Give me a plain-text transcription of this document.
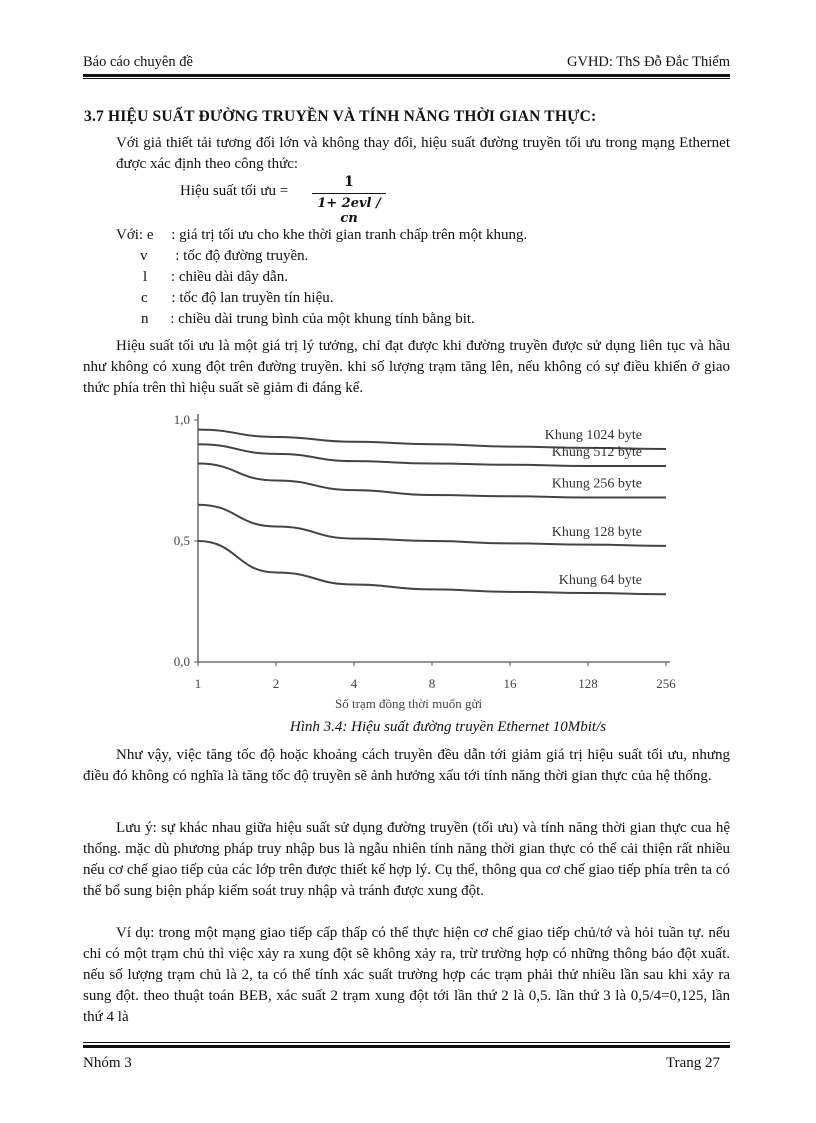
Báo cáo chuyên đề	GVHD: ThS Đỗ Đắc Thiểm
3.7 HIỆU SUẤT ĐƯỜNG TRUYỀN VÀ TÍNH NĂNG THỜI GIAN THỰC:
Với giả thiết tải tương đối lớn và không thay đổi, hiệu suất đường truyền tối ưu trong mạng Ethernet được xác định theo công thức:
Hiệu suất tối ưu =
1
1+ 2evl / cn
Với: e : giá trị tối ưu cho khe thời gian tranh chấp trên một khung.
v : tốc độ đường truyền.
l : chiều dài dây dẫn.
c : tốc độ lan truyền tín hiệu.
n : chiều dài trung bình của một khung tính bằng bit.
Hiệu suất tối ưu là một giá trị lý tưởng, chỉ đạt được khi đường truyền được sử dụng liên tục và hầu như không có xung đột trên đường truyền. khi số lượng trạm tăng lên, nếu không có sự điều khiển ở giao thức phía trên thì hiệu suất sẽ giảm đi đáng kể.
1,0
0,5
0,0
1	2	4	8	16	128	256
Số trạm đồng thời muốn gửi
Khung 1024 byte
Khung 512 byte
Khung 256 byte
Khung 128 byte
Khung 64 byte
Hình 3.4: Hiệu suất đường truyền Ethernet 10Mbit/s
Như vậy, việc tăng tốc độ hoặc khoảng cách truyền đều dẫn tới giảm giá trị hiệu suất tối ưu, nhưng điều đó không có nghĩa là tăng tốc độ truyền sẽ ảnh hưởng xấu tới tính năng thời gian thực của hệ thống.
Lưu ý: sự khác nhau giữa hiệu suất sử dụng đường truyền (tối ưu) và tính năng thời gian thực cua hệ thống. mặc dù phương pháp truy nhập bus là ngẫu nhiên tính năng thời gian thực có thể cải thiện rất nhiều nếu cơ chế giao tiếp của các lớp trên được thiết kế hợp lý. Cụ thể, thông qua cơ chế giao tiếp phía trên ta có thể bổ sung biện pháp kiểm soát truy nhập và tránh được xung đột.
Ví dụ: trong một mạng giao tiếp cấp thấp có thể thực hiện cơ chế giao tiếp chủ/tớ và hỏi tuần tự. nếu chỉ có một trạm chủ thì việc xảy ra xung đột sẽ không xảy ra, trừ trường hợp có những thông báo đột xuất. nếu số lượng trạm chủ là 2, ta có thể tính xác suất trường hợp các trạm phải thử nhiều lần sau khi xảy ra sung đột. theo thuật toán BEB, xác suất 2 trạm xung đột tới lần thứ 2 là 0,5. lần thứ 3 là 0,5/4=0,125, lần thứ 4 là
Nhóm 3	Trang 27
